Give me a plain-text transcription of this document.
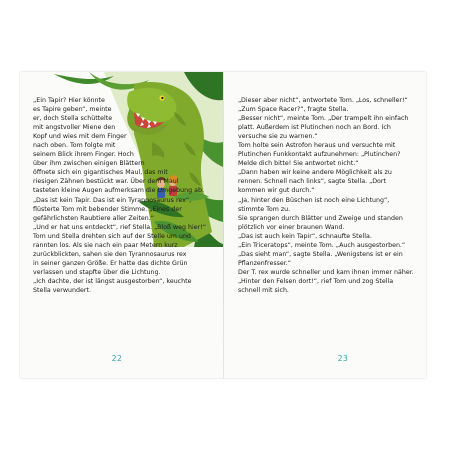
„Ein Tapir? Hier könnte
es Tapire geben“, meinte
er, doch Stella schüttelte
mit angstvoller Miene den
Kopf und wies mit dem Finger
nach oben. Tom folgte mit
seinem Blick ihrem Finger. Hoch
über ihm zwischen einigen Blättern
öffnete sich ein gigantisches Maul, das mit
riesigen Zähnen bestückt war. Über dem Maul
tasteten kleine Augen aufmerksam die Umgebung ab.
„Das ist kein Tapir. Das ist ein Tyrannosaurus rex“,
flüsterte Tom mit bebender Stimme. „Eines der
gefährlichsten Raubtiere aller Zeiten.“
„Und er hat uns entdeckt“, rief Stella. „Bloß weg hier!“
Tom und Stella drehten sich auf der Stelle um und
rannten los. Als sie nach ein paar Metern kurz
zurückblickten, sahen sie den Tyrannosaurus rex
in seiner ganzen Größe. Er hatte das dichte Grün
verlassen und stapfte über die Lichtung.
„Ich dachte, der ist längst ausgestorben“, keuchte
Stella verwundert.
22
„Dieser aber nicht“, antwortete Tom. „Los, schneller!“
„Zum Space Racer?“, fragte Stella.
„Besser nicht“, meinte Tom. „Der trampelt ihn einfach
platt. Außerdem ist Plutinchen noch an Bord. Ich
versuche sie zu warnen.“
Tom holte sein Astrofon heraus und versuchte mit
Plutinchen Funkkontakt aufzunehmen: „Plutinchen?
Melde dich bitte! Sie antwortet nicht.“
„Dann haben wir keine andere Möglichkeit als zu
rennen. Schnell nach links“, sagte Stella. „Dort
kommen wir gut durch.“
„Ja, hinter den Büschen ist noch eine Lichtung“,
stimmte Tom zu.
Sie sprangen durch Blätter und Zweige und standen
plötzlich vor einer braunen Wand.
„Das ist auch kein Tapir“, schnaufte Stella.
„Ein Triceratops“, meinte Tom. „Auch ausgestorben.“
„Das sieht man“, sagte Stella. „Wenigstens ist er ein
Pflanzenfresser.“
Der T. rex wurde schneller und kam ihnen immer näher.
„Hinter den Felsen dort!“, rief Tom und zog Stella
schnell mit sich.
23
